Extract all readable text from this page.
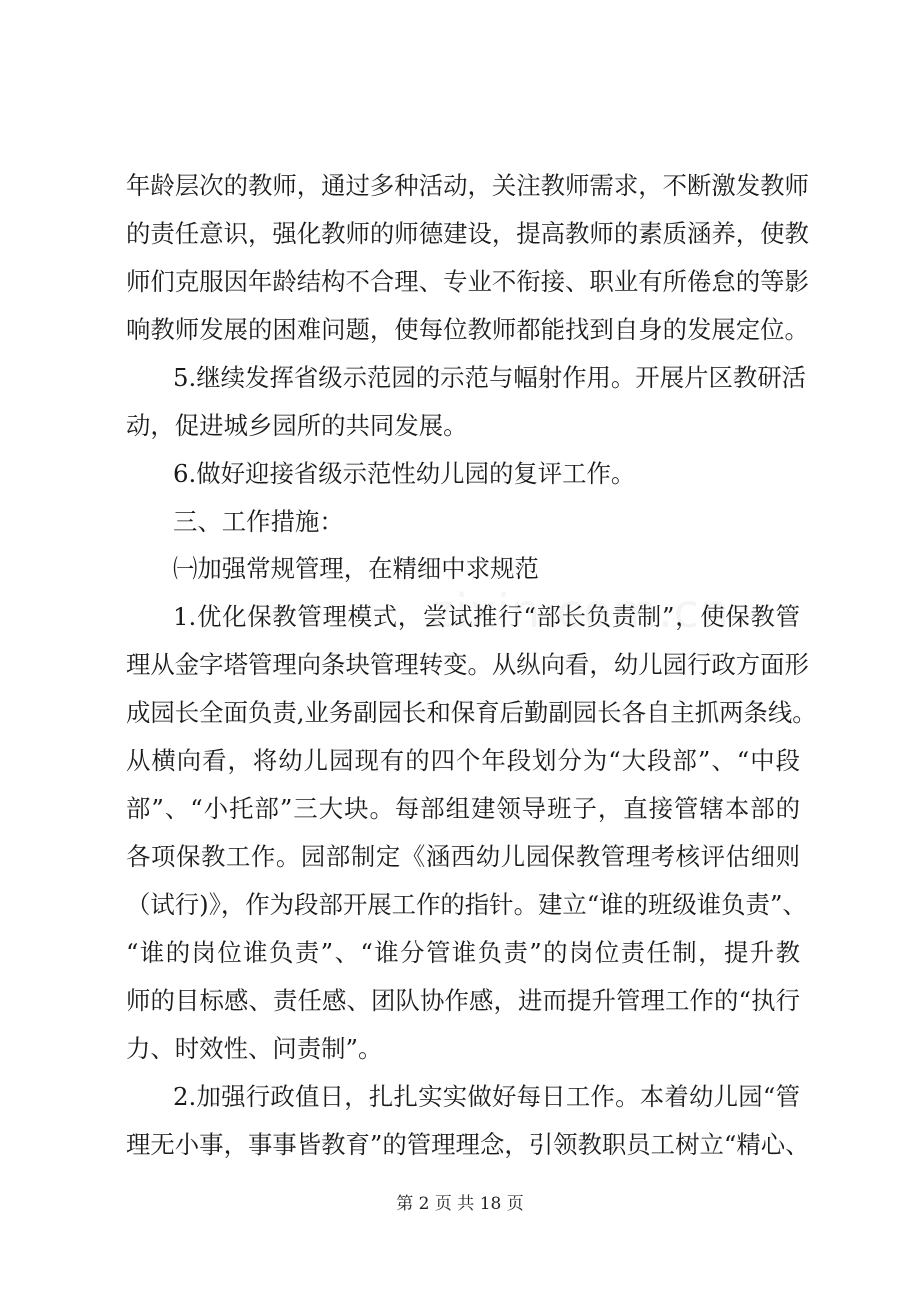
年龄层次的教师，通过多种活动，关注教师需求，不断激发教师
的责任意识，强化教师的师德建设，提高教师的素质涵养，使教
师们克服因年龄结构不合理、专业不衔接、职业有所倦怠的等影
响教师发展的困难问题，使每位教师都能找到自身的发展定位。
5.继续发挥省级示范园的示范与幅射作用。开展片区教研活
动，促进城乡园所的共同发展。
6.做好迎接省级示范性幼儿园的复评工作。
三、工作措施：
㈠加强常规管理，在精细中求规范
1.优化保教管理模式，尝试推行“部长负责制”，使保教管
理从金字塔管理向条块管理转变。从纵向看，幼儿园行政方面形
成园长全面负责,业务副园长和保育后勤副园长各自主抓两条线。
从横向看，将幼儿园现有的四个年段划分为“大段部”、“中段
部”、“小托部”三大块。每部组建领导班子，直接管辖本部的
各项保教工作。园部制定《涵西幼儿园保教管理考核评估细则
（试行)》，作为段部开展工作的指针。建立“谁的班级谁负责”、
“谁的岗位谁负责”、“谁分管谁负责”的岗位责任制，提升教
师的目标感、责任感、团队协作感，进而提升管理工作的“执行
力、时效性、问责制”。
2.加强行政值日，扎扎实实做好每日工作。本着幼儿园“管
理无小事，事事皆教育”的管理理念，引领教职员工树立“精心、
第 2 页 共 18 页
